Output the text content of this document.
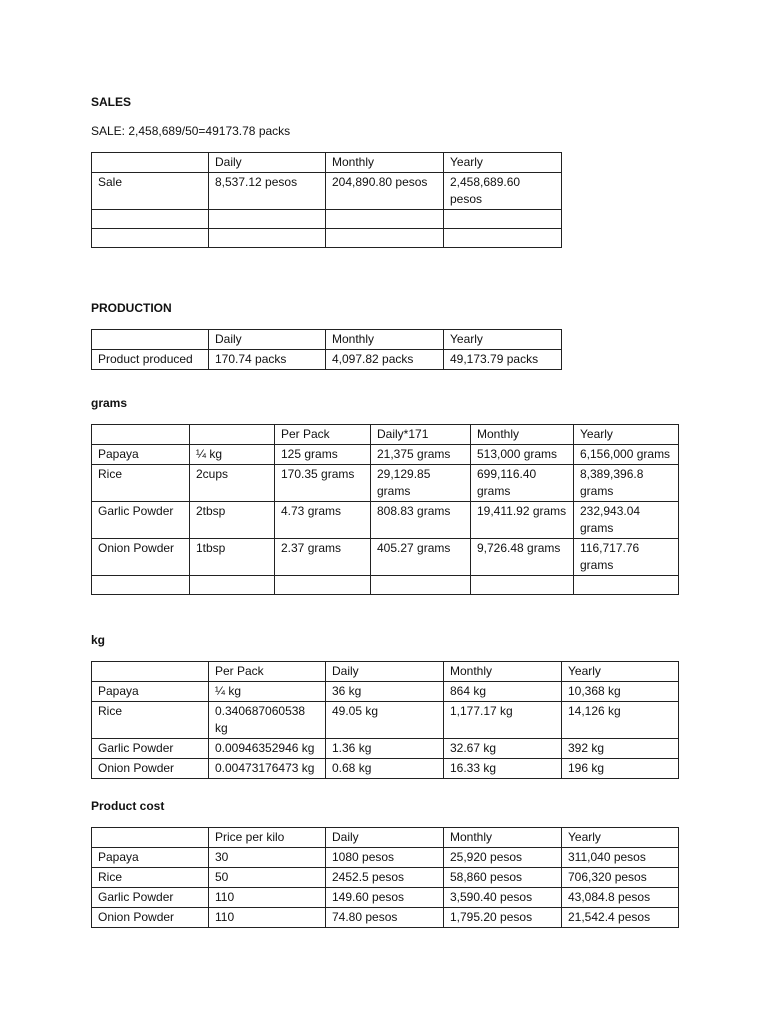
SALES

SALE: 2,458,689/50=49173.78 packs

	Daily	Monthly	Yearly
Sale	8,537.12 pesos	204,890.80 pesos	2,458,689.60 pesos

PRODUCTION

	Daily	Monthly	Yearly
Product produced	170.74 packs	4,097.82 packs	49,173.79 packs

grams

		Per Pack	Daily*171	Monthly	Yearly
Papaya	¼ kg	125 grams	21,375 grams	513,000 grams	6,156,000 grams
Rice	2cups	170.35 grams	29,129.85 grams	699,116.40 grams	8,389,396.8 grams
Garlic Powder	2tbsp	4.73 grams	808.83 grams	19,411.92 grams	232,943.04 grams
Onion Powder	1tbsp	2.37 grams	405.27 grams	9,726.48 grams	116,717.76 grams

kg

	Per Pack	Daily	Monthly	Yearly
Papaya	¼ kg	36 kg	864 kg	10,368 kg
Rice	0.340687060538 kg	49.05 kg	1,177.17 kg	14,126 kg
Garlic Powder	0.00946352946 kg	1.36 kg	32.67 kg	392 kg
Onion Powder	0.00473176473 kg	0.68 kg	16.33 kg	196 kg

Product cost

	Price per kilo	Daily	Monthly	Yearly
Papaya	30	1080 pesos	25,920 pesos	311,040 pesos
Rice	50	2452.5 pesos	58,860 pesos	706,320 pesos
Garlic Powder	110	149.60 pesos	3,590.40 pesos	43,084.8 pesos
Onion Powder	110	74.80 pesos	1,795.20 pesos	21,542.4 pesos
